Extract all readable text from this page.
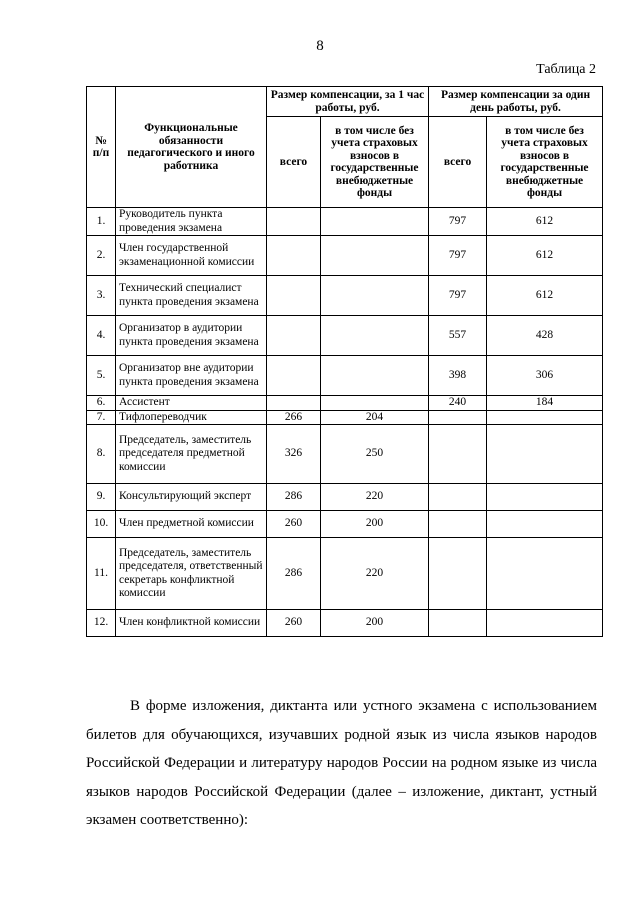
8
Таблица 2
№ п/п	Функциональные обязанности педагогического и иного работника	Размер компенсации, за 1 час работы, руб.		Размер компенсации за один день работы, руб.	
		всего	в том числе без учета страховых взносов в государственные внебюджетные фонды	всего	в том числе без учета страховых взносов в государственные внебюджетные фонды
1.	Руководитель пункта проведения экзамена			797	612
2.	Член государственной экзаменационной комиссии			797	612
3.	Технический специалист пункта проведения экзамена			797	612
4.	Организатор в аудитории пункта проведения экзамена			557	428
5.	Организатор вне аудитории пункта проведения экзамена			398	306
6.	Ассистент			240	184
7.	Тифлопереводчик	266	204		
8.	Председатель, заместитель председателя предметной комиссии	326	250		
9.	Консультирующий эксперт	286	220		
10.	Член предметной комиссии	260	200		
11.	Председатель, заместитель председателя, ответственный секретарь конфликтной комиссии	286	220		
12.	Член конфликтной комиссии	260	200		
В форме изложения, диктанта или устного экзамена с использованием билетов для обучающихся, изучавших родной язык из числа языков народов Российской Федерации и литературу народов России на родном языке из числа языков народов Российской Федерации (далее – изложение, диктант, устный экзамен соответственно):
